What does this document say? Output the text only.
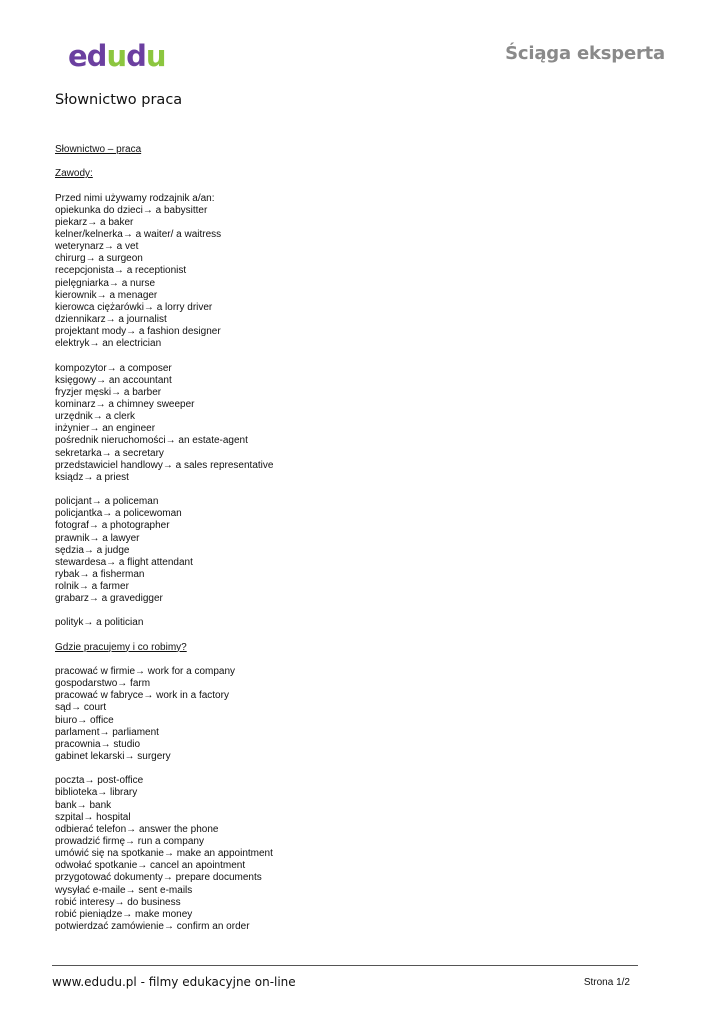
edudu	Ściąga eksperta
Słownictwo praca
Słownictwo – praca
Zawody:
Przed nimi używamy rodzajnik a/an:
opiekunka do dzieci→ a babysitter
piekarz→ a baker
kelner/kelnerka→ a waiter/ a waitress
weterynarz→ a vet
chirurg→ a surgeon
recepcjonista→ a receptionist
pielęgniarka→ a nurse
kierownik→ a menager
kierowca ciężarówki→ a lorry driver
dziennikarz→ a journalist
projektant mody→ a fashion designer
elektryk→ an electrician
kompozytor→ a composer
księgowy→ an accountant
fryzjer męski→ a barber
kominarz→ a chimney sweeper
urzędnik→ a clerk
inżynier→ an engineer
pośrednik nieruchomości→ an estate-agent
sekretarka→ a secretary
przedstawiciel handlowy→ a sales representative
ksiądz→ a priest
policjant→ a policeman
policjantka→ a policewoman
fotograf→ a photographer
prawnik→ a lawyer
sędzia→ a judge
stewardesa→ a flight attendant
rybak→ a fisherman
rolnik→ a farmer
grabarz→ a gravedigger
polityk→ a politician
Gdzie pracujemy i co robimy?
pracować w firmie→ work for a company
gospodarstwo→ farm
pracować w fabryce→ work in a factory
sąd→ court
biuro→ office
parlament→ parliament
pracownia→ studio
gabinet lekarski→ surgery
poczta→ post-office
biblioteka→ library
bank→ bank
szpital→ hospital
odbierać telefon→ answer the phone
prowadzić firmę→ run a company
umówić się na spotkanie→ make an appointment
odwołać spotkanie→ cancel an apointment
przygotować dokumenty→ prepare documents
wysyłać e-maile→ sent e-mails
robić interesy→ do business
robić pieniądze→ make money
potwierdzać zamówienie→ confirm an order
www.edudu.pl - filmy edukacyjne on-line	Strona 1/2
